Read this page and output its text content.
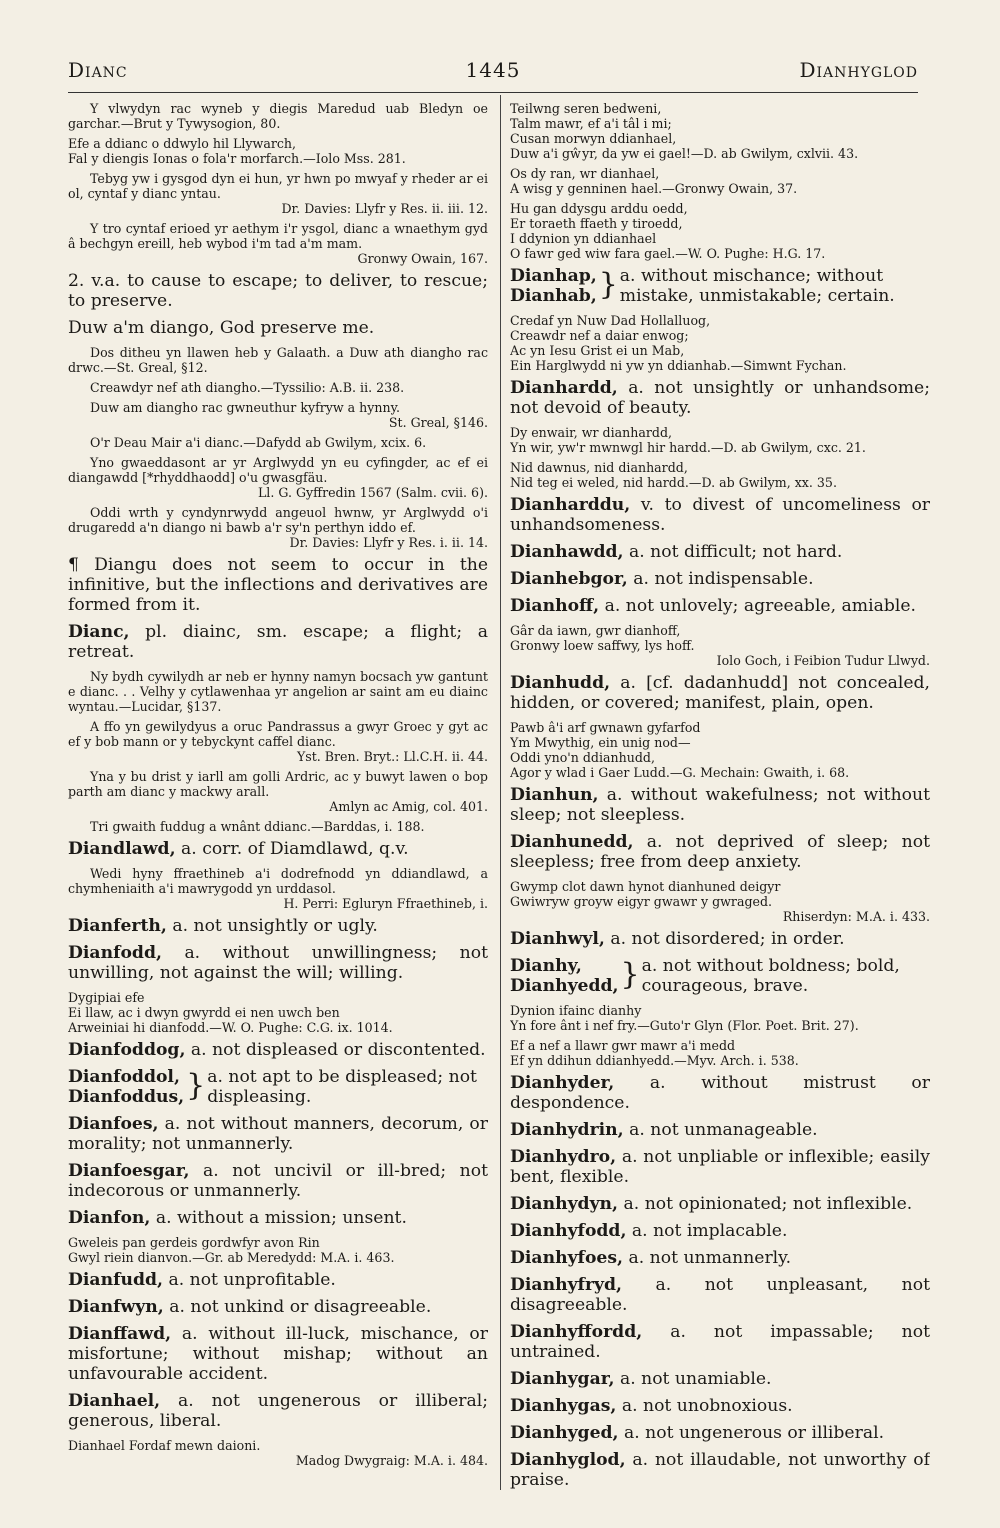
Dianc	1445	Dianhyglod
Y vlwydyn rac wyneb y diegis Maredud uab Bledyn oe garchar.—Brut y Tywysogion, 80.
Efe a ddianc o ddwylo hil Llywarch,
Fal y diengis Ionas o fola'r morfarch.—Iolo Mss. 281.
Tebyg yw i gysgod dyn ei hun, yr hwn po mwyaf y rheder ar ei ol, cyntaf y dianc yntau.
Dr. Davies: Llyfr y Res. ii. iii. 12.
Y tro cyntaf erioed yr aethym i'r ysgol, dianc a wnaethym gyd â bechgyn ereill, heb wybod i'm tad a'm mam.
Gronwy Owain, 167.
2. v.a. to cause to escape; to deliver, to rescue; to preserve.
Duw a'm diango, God preserve me.
Dos ditheu yn llawen heb y Galaath. a Duw ath diangho rac drwc.—St. Greal, §12.
Creawdyr nef ath diangho.—Tyssilio: A.B. ii. 238.
Duw am diangho rac gwneuthur kyfryw a hynny.
St. Greal, §146.
O'r Deau Mair a'i dianc.—Dafydd ab Gwilym, xcix. 6.
Yno gwaeddasont ar yr Arglwydd yn eu cyfingder, ac ef ei diangawdd [*rhyddhaodd] o'u gwasgfäu.
Ll. G. Gyffredin 1567 (Salm. cvii. 6).
Oddi wrth y cyndynrwydd angeuol hwnw, yr Arglwydd o'i drugaredd a'n diango ni bawb a'r sy'n perthyn iddo ef.
Dr. Davies: Llyfr y Res. i. ii. 14.
¶ Diangu does not seem to occur in the infinitive, but the inflections and derivatives are formed from it.
Dianc, pl. diainc, sm. escape; a flight; a retreat.
Ny bydh cywilydh ar neb er hynny namyn bocsach yw gantunt e dianc. . . Velhy y cytlawenhaa yr angelion ar saint am eu diainc wyntau.—Lucidar, §137.
A ffo yn gewilydyus a oruc Pandrassus a gwyr Groec y gyt ac ef y bob mann or y tebyckynt caffel dianc.
Yst. Bren. Bryt.: Ll.C.H. ii. 44.
Yna y bu drist y iarll am golli Ardric, ac y buwyt lawen o bop parth am dianc y mackwy arall.
Amlyn ac Amig, col. 401.
Tri gwaith fuddug a wnânt ddianc.—Barddas, i. 188.
Diandlawd, a. corr. of Diamdlawd, q.v.
Wedi hyny ffraethineb a'i dodrefnodd yn ddiandlawd, a chymheniaith a'i mawrygodd yn urddasol.
H. Perri: Egluryn Ffraethineb, i.
Dianferth, a. not unsightly or ugly.
Dianfodd, a. without unwillingness; not unwilling, not against the will; willing.
Dygipiai efe
Ei llaw, ac i dwyn gwyrdd ei nen uwch ben
Arweiniai hi dianfodd.—W. O. Pughe: C.G. ix. 1014.
Dianfoddog, a. not displeased or discontented.
Dianfoddol,
Dianfoddus, } a. not apt to be displeased; not displeasing.
Dianfoes, a. not without manners, decorum, or morality; not unmannerly.
Dianfoesgar, a. not uncivil or ill-bred; not indecorous or unmannerly.
Dianfon, a. without a mission; unsent.
Gweleis pan gerdeis gordwfyr avon Rin
Gwyl riein dianvon.—Gr. ab Meredydd: M.A. i. 463.
Dianfudd, a. not unprofitable.
Dianfwyn, a. not unkind or disagreeable.
Dianffawd, a. without ill-luck, mischance, or misfortune; without mishap; without an unfavourable accident.
Dianhael, a. not ungenerous or illiberal; generous, liberal.
Dianhael Fordaf mewn daioni.
Madog Dwygraig: M.A. i. 484.
Teilwng seren bedweni,
Talm mawr, ef a'i tâl i mi;
Cusan morwyn ddianhael,
Duw a'i gŵyr, da yw ei gael!—D. ab Gwilym, cxlvii. 43.
Os dy ran, wr dianhael,
A wisg y genninen hael.—Gronwy Owain, 37.
Hu gan ddysgu arddu oedd,
Er toraeth ffaeth y tiroedd,
I ddynion yn ddianhael
O fawr ged wiw fara gael.—W. O. Pughe: H.G. 17.
Dianhap,
Dianhab, } a. without mischance; without mistake, unmistakable; certain.
Credaf yn Nuw Dad Hollalluog,
Creawdr nef a daiar enwog;
Ac yn Iesu Grist ei un Mab,
Ein Harglwydd ni yw yn ddianhab.—Simwnt Fychan.
Dianhardd, a. not unsightly or unhandsome; not devoid of beauty.
Dy enwair, wr dianhardd,
Yn wir, yw'r mwnwgl hir hardd.—D. ab Gwilym, cxc. 21.
Nid dawnus, nid dianhardd,
Nid teg ei weled, nid hardd.—D. ab Gwilym, xx. 35.
Dianharddu, v. to divest of uncomeliness or unhandsomeness.
Dianhawdd, a. not difficult; not hard.
Dianhebgor, a. not indispensable.
Dianhoff, a. not unlovely; agreeable, amiable.
Gâr da iawn, gwr dianhoff,
Gronwy loew saffwy, lys hoff.
Iolo Goch, i Feibion Tudur Llwyd.
Dianhudd, a. [cf. dadanhudd] not concealed, hidden, or covered; manifest, plain, open.
Pawb â'i arf gwnawn gyfarfod
Ym Mwythig, ein unig nod—
Oddi yno'n ddianhudd,
Agor y wlad i Gaer Ludd.—G. Mechain: Gwaith, i. 68.
Dianhun, a. without wakefulness; not without sleep; not sleepless.
Dianhunedd, a. not deprived of sleep; not sleepless; free from deep anxiety.
Gwymp clot dawn hynot dianhuned deigyr
Gwiwryw groyw eigyr gwawr y gwraged.
Rhiserdyn: M.A. i. 433.
Dianhwyl, a. not disordered; in order.
Dianhy,
Dianhyedd, } a. not without boldness; bold, courageous, brave.
Dynion ifainc dianhy
Yn fore ânt i nef fry.—Guto'r Glyn (Flor. Poet. Brit. 27).
Ef a nef a llawr gwr mawr a'i medd
Ef yn ddihun ddianhyedd.—Myv. Arch. i. 538.
Dianhyder, a. without mistrust or despondence.
Dianhydrin, a. not unmanageable.
Dianhydro, a. not unpliable or inflexible; easily bent, flexible.
Dianhydyn, a. not opinionated; not inflexible.
Dianhyfodd, a. not implacable.
Dianhyfoes, a. not unmannerly.
Dianhyfryd, a. not unpleasant, not disagreeable.
Dianhyffordd, a. not impassable; not untrained.
Dianhygar, a. not unamiable.
Dianhygas, a. not unobnoxious.
Dianhyged, a. not ungenerous or illiberal.
Dianhyglod, a. not illaudable, not unworthy of praise.
